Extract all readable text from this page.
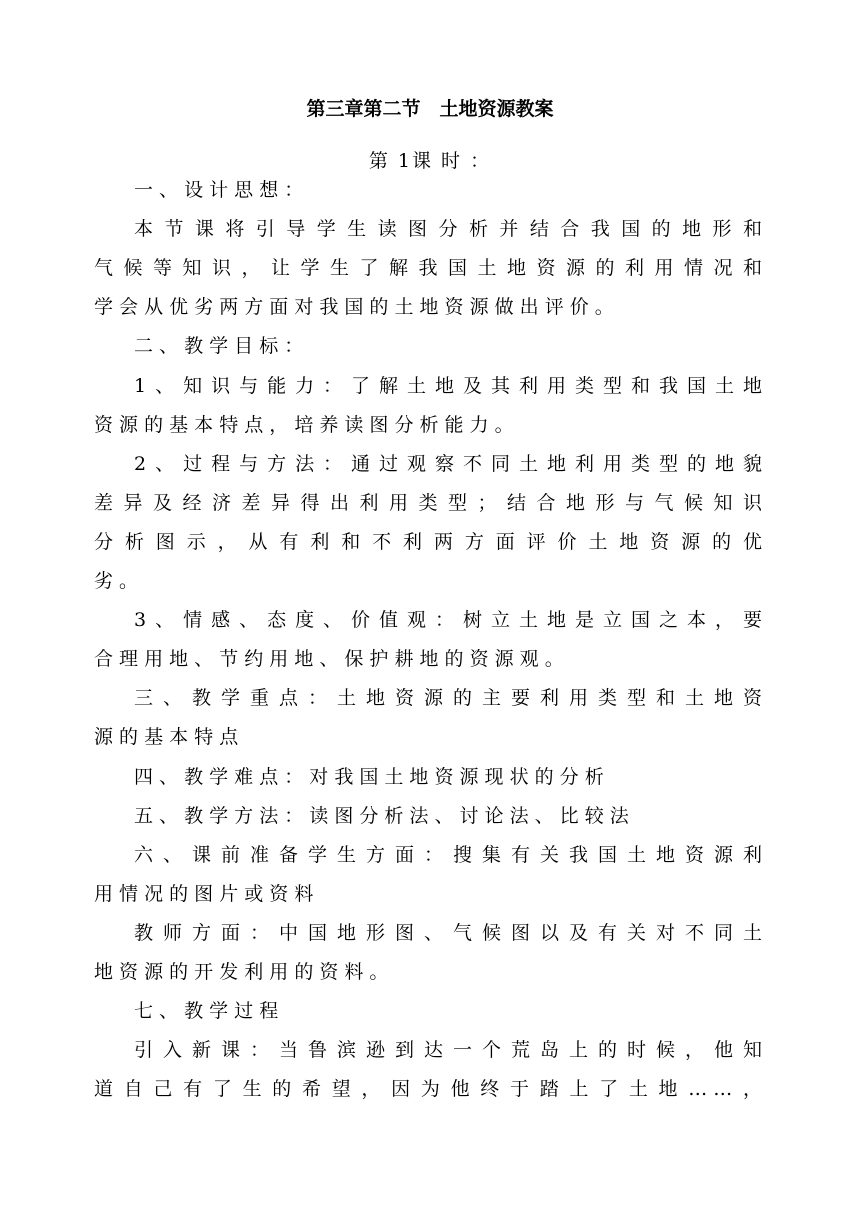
第三章第二节　土地资源教案
第 1课 时 ：
一 、 设 计 思 想 ：
本节课将引导学生读图分析并结合我国的地形和
气候等知识，让学生了解我国土地资源的利用情况和
学 会 从 优 劣 两 方 面 对 我 国 的 土 地 资 源 做 出 评 价 。
二 、 教 学 目 标 ：
1、知识与能力：了解土地及其利用类型和我国土地
资 源 的 基 本 特 点 ， 培 养 读 图 分 析 能 力 。
2、过程与方法：通过观察不同土地利用类型的地貌
差异及经济差异得出利用类型；结合地形与气候知识
分析图示，从有利和不利两方面评价土地资源的优
劣 。
3、情感、态度、价值观：树立土地是立国之本，要
合 理 用 地 、 节 约 用 地 、 保 护 耕 地 的 资 源 观 。
三、教学重点：土地资源的主要利用类型和土地资
源 的 基 本 特 点
四 、 教 学 难 点 ： 对 我 国 土 地 资 源 现 状 的 分 析
五 、 教 学 方 法 ： 读 图 分 析 法 、 讨 论 法 、 比 较 法
六、课前准备学生方面：搜集有关我国土地资源利
用 情 况 的 图 片 或 资 料
教师方面：中国地形图、气候图以及有关对不同土
地 资 源 的 开 发 利 用 的 资 料 。
七 、 教 学 过 程
引入新课：当鲁滨逊到达一个荒岛上的时候，他知
道自己有了生的希望，因为他终于踏上了土地……，
